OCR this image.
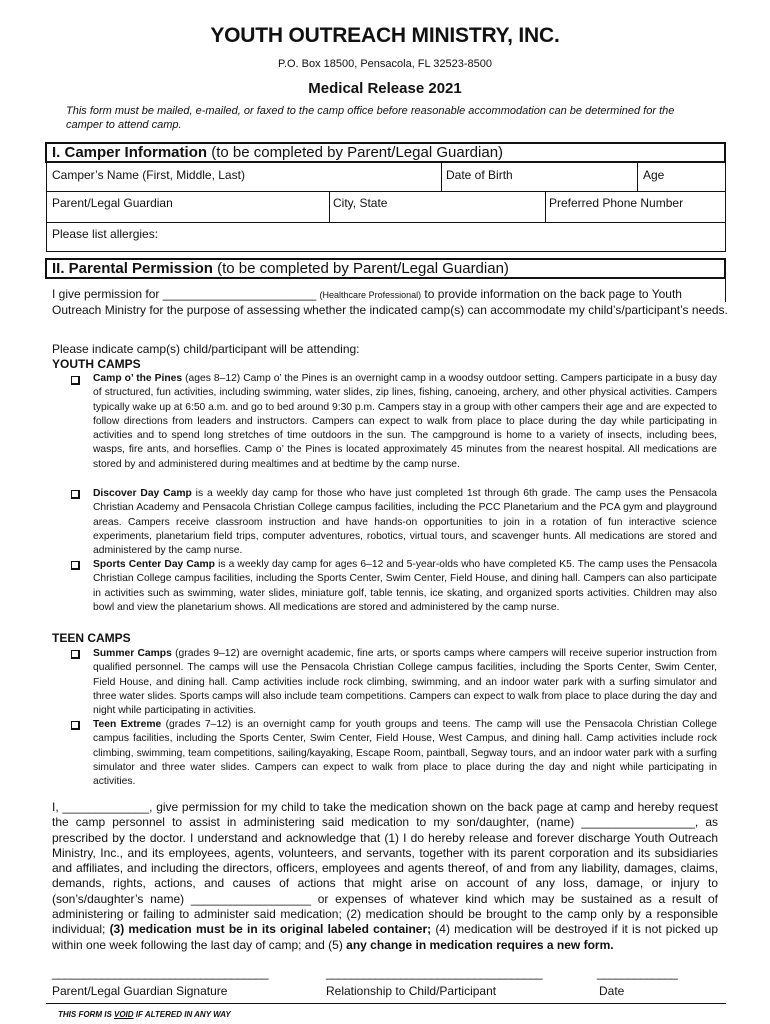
YOUTH OUTREACH MINISTRY, INC.
P.O. Box 18500, Pensacola, FL 32523-8500
Medical Release 2021
This form must be mailed, e-mailed, or faxed to the camp office before reasonable accommodation can be determined for the camper to attend camp.
I. Camper Information (to be completed by Parent/Legal Guardian)
Camper’s Name (First, Middle, Last)	Date of Birth	Age
Parent/Legal Guardian	City, State	Preferred Phone Number
Please list allergies:
II. Parental Permission (to be completed by Parent/Legal Guardian)
I give permission for _______________________ (Healthcare Professional) to provide information on the back page to Youth Outreach Ministry for the purpose of assessing whether the indicated camp(s) can accommodate my child’s/participant’s needs.
Please indicate camp(s) child/participant will be attending:
YOUTH CAMPS
Camp o’ the Pines (ages 8–12) Camp o’ the Pines is an overnight camp in a woodsy outdoor setting. Campers participate in a busy day of structured, fun activities, including swimming, water slides, zip lines, fishing, canoeing, archery, and other physical activities. Campers typically wake up at 6:50 a.m. and go to bed around 9:30 p.m. Campers stay in a group with other campers their age and are expected to follow directions from leaders and instructors. Campers can expect to walk from place to place during the day while participating in activities and to spend long stretches of time outdoors in the sun. The campground is home to a variety of insects, including bees, wasps, fire ants, and horseflies. Camp o’ the Pines is located approximately 45 minutes from the nearest hospital. All medications are stored by and administered during mealtimes and at bedtime by the camp nurse.
Discover Day Camp is a weekly day camp for those who have just completed 1st through 6th grade. The camp uses the Pensacola Christian Academy and Pensacola Christian College campus facilities, including the PCC Planetarium and the PCA gym and playground areas. Campers receive classroom instruction and have hands-on opportunities to join in a rotation of fun interactive science experiments, planetarium field trips, computer adventures, robotics, virtual tours, and scavenger hunts. All medications are stored and administered by the camp nurse.
Sports Center Day Camp is a weekly day camp for ages 6–12 and 5-year-olds who have completed K5. The camp uses the Pensacola Christian College campus facilities, including the Sports Center, Swim Center, Field House, and dining hall. Campers can also participate in activities such as swimming, water slides, miniature golf, table tennis, ice skating, and organized sports activities. Children may also bowl and view the planetarium shows. All medications are stored and administered by the camp nurse.
TEEN CAMPS
Summer Camps (grades 9–12) are overnight academic, fine arts, or sports camps where campers will receive superior instruction from qualified personnel. The camps will use the Pensacola Christian College campus facilities, including the Sports Center, Swim Center, Field House, and dining hall. Camp activities include rock climbing, swimming, and an indoor water park with a surfing simulator and three water slides. Sports camps will also include team competitions. Campers can expect to walk from place to place during the day and night while participating in activities.
Teen Extreme (grades 7–12) is an overnight camp for youth groups and teens. The camp will use the Pensacola Christian College campus facilities, including the Sports Center, Swim Center, Field House, West Campus, and dining hall. Camp activities include rock climbing, swimming, team competitions, sailing/kayaking, Escape Room, paintball, Segway tours, and an indoor water park with a surfing simulator and three water slides. Campers can expect to walk from place to place during the day and night while participating in activities.
I, _____________, give permission for my child to take the medication shown on the back page at camp and hereby request the camp personnel to assist in administering said medication to my son/daughter, (name) _________________, as prescribed by the doctor. I understand and acknowledge that (1) I do hereby release and forever discharge Youth Outreach Ministry, Inc., and its employees, agents, volunteers, and servants, together with its parent corporation and its subsidiaries and affiliates, and including the directors, officers, employees and agents thereof, of and from any liability, damages, claims, demands, rights, actions, and causes of actions that might arise on account of any loss, damage, or injury to (son’s/daughter’s name) __________________ or expenses of whatever kind which may be sustained as a result of administering or failing to administer said medication; (2) medication should be brought to the camp only by a responsible individual; (3) medication must be in its original labeled container; (4) medication will be destroyed if it is not picked up within one week following the last day of camp; and (5) any change in medication requires a new form.
___________________________________	___________________________________	_____________
Parent/Legal Guardian Signature	Relationship to Child/Participant	Date
THIS FORM IS VOID IF ALTERED IN ANY WAY
